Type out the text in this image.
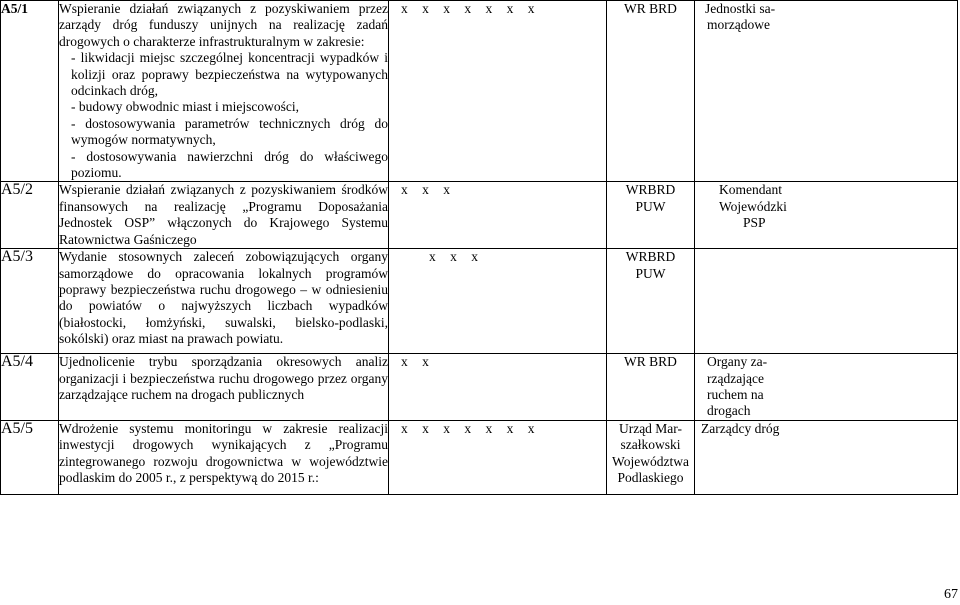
A5/1	Wspieranie działań związanych z pozyskiwaniem przez zarządy dróg funduszy unijnych na realizację zadań drogowych o charakterze infrastrukturalnym w zakresie:
- likwidacji miejsc szczególnej koncentracji wypadków i kolizji oraz poprawy bezpieczeństwa na wytypowanych odcinkach dróg,
- budowy obwodnic miast i miejscowości,
- dostosowywania parametrów technicznych dróg do wymogów normatywnych,
- dostosowywania nawierzchni dróg do właściwego poziomu.	x x x x x x x	WR BRD	Jednostki sa-
morządowe

A5/2	Wspieranie działań związanych z pozyskiwaniem środków finansowych na realizację „Programu Doposażania Jednostek OSP” włączonych do Krajowego Systemu Ratownictwa Gaśniczego	x x x	WRBRD
PUW	Komendant
Wojewódzki
PSP

A5/3	Wydanie stosownych zaleceń zobowiązujących organy samorządowe do opracowania lokalnych programów poprawy bezpieczeństwa ruchu drogowego – w odniesieniu do powiatów o najwyższych liczbach wypadków (białostocki, łomżyński, suwalski, bielsko-podlaski, sokólski) oraz miast na prawach powiatu.	x x x	WRBRD
PUW	

A5/4	Ujednolicenie trybu sporządzania okresowych analiz organizacji i bezpieczeństwa ruchu drogowego przez organy zarządzające ruchem na drogach publicznych	x x	WR BRD	Organy za-
rządzające
ruchem na
drogach

A5/5	Wdrożenie systemu monitoringu w zakresie realizacji inwestycji drogowych wynikających z „Programu zintegrowanego rozwoju drogownictwa w województwie podlaskim do 2005 r., z perspektywą do 2015 r.:	x x x x x x x	Urząd Mar-
szałkowski
Województwa
Podlaskiego	Zarządcy dróg
67
